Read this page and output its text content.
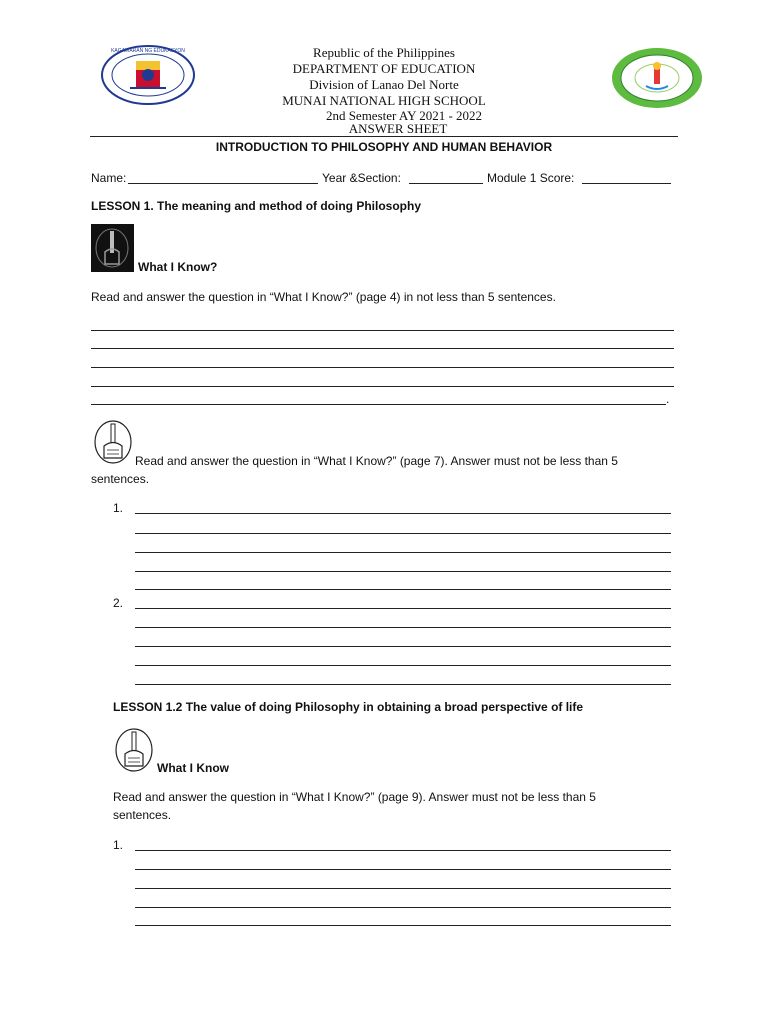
KAGAWARAN NG EDUKASYON	Republic of the Philippines
DEPARTMENT OF EDUCATION
Division of Lanao Del Norte
MUNAI NATIONAL HIGH SCHOOL
2nd Semester AY 2021 - 2022
ANSWER SHEET
INTRODUCTION TO PHILOSOPHY AND HUMAN BEHAVIOR
Name:	Year &Section:	Module 1 Score:
LESSON 1. The meaning and method of doing Philosophy
What I Know?
Read and answer the question in “What I Know?” (page 4) in not less than 5 sentences.
.
Read and answer the question in “What I Know?” (page 7). Answer must not be less than 5
sentences.
1.
2.
LESSON 1.2 The value of doing Philosophy in obtaining a broad perspective of life
What I Know
Read and answer the question in “What I Know?” (page 9). Answer must not be less than 5
sentences.
1.
